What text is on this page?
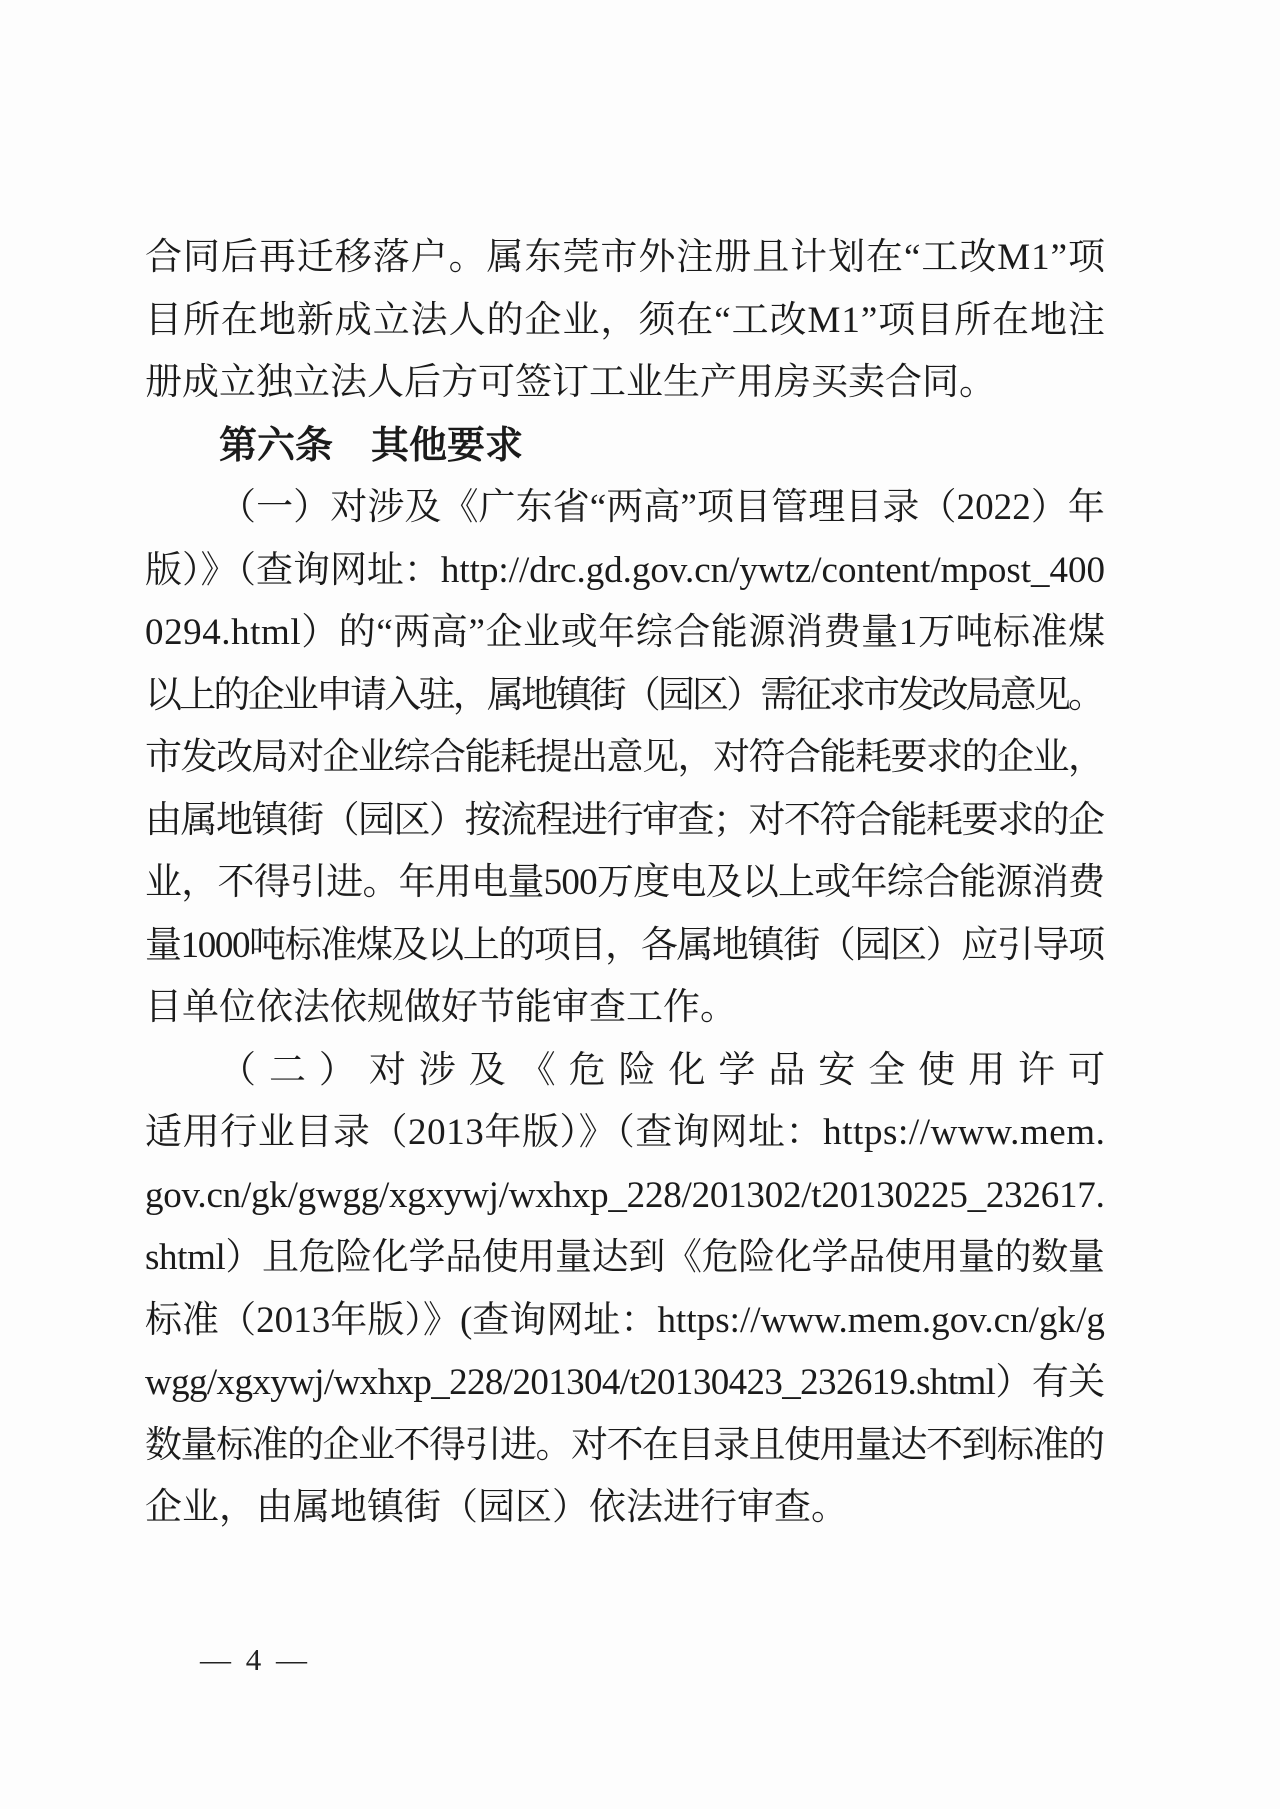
合同后再迁移落户。属东莞市外注册且计划在“工改M1”项
目所在地新成立法人的企业，须在“工改M1”项目所在地注
册成立独立法人后方可签订工业生产用房买卖合同。
第六条　其他要求
（一）对涉及《广东省“两高”项目管理目录（2022）年
版）》（查询网址：http://drc.gd.gov.cn/ywtz/content/mpost_400
0294.html）的“两高”企业或年综合能源消费量1万吨标准煤
以上的企业申请入驻，属地镇街（园区）需征求市发改局意见。
市发改局对企业综合能耗提出意见，对符合能耗要求的企业，
由属地镇街（园区）按流程进行审查；对不符合能耗要求的企
业，不得引进。年用电量500万度电及以上或年综合能源消费
量1000吨标准煤及以上的项目，各属地镇街（园区）应引导项
目单位依法依规做好节能审查工作。
（二）对涉及《危险化学品安全使用许可
适用行业目录（2013年版）》（查询网址：https://www.mem.
gov.cn/gk/gwgg/xgxywj/wxhxp_228/201302/t20130225_232617.
shtml）且危险化学品使用量达到《危险化学品使用量的数量
标准（2013年版）》(查询网址：https://www.mem.gov.cn/gk/g
wgg/xgxywj/wxhxp_228/201304/t20130423_232619.shtml）有关
数量标准的企业不得引进。对不在目录且使用量达不到标准的
企业，由属地镇街（园区）依法进行审查。
— 4 —
